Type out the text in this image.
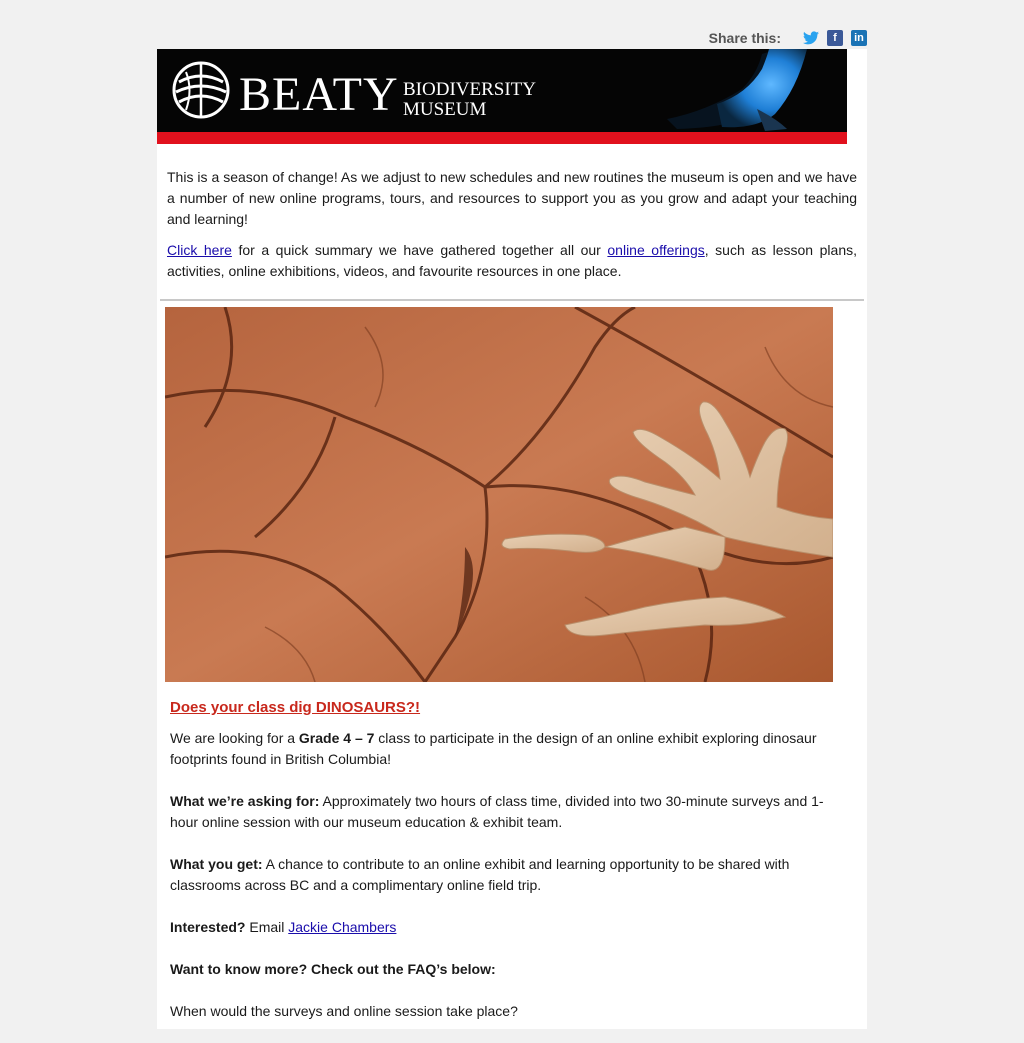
Share this:	f	in
BEATY BIODIVERSITY
MUSEUM

This is a season of change! As we adjust to new schedules and new routines the museum is open and we have a number of new online programs, tours, and resources to support you as you grow and adapt your teaching and learning!

Click here for a quick summary we have gathered together all our online offerings, such as lesson plans, activities, online exhibitions, videos, and favourite resources in one place.

Does your class dig DINOSAURS?!

We are looking for a Grade 4 – 7 class to participate in the design of an online exhibit exploring dinosaur footprints found in British Columbia!

What we’re asking for: Approximately two hours of class time, divided into two 30-minute surveys and 1-hour online session with our museum education & exhibit team.

What you get: A chance to contribute to an online exhibit and learning opportunity to be shared with classrooms across BC and a complimentary online field trip.

Interested? Email Jackie Chambers

Want to know more? Check out the FAQ’s below:

When would the surveys and online session take place?
